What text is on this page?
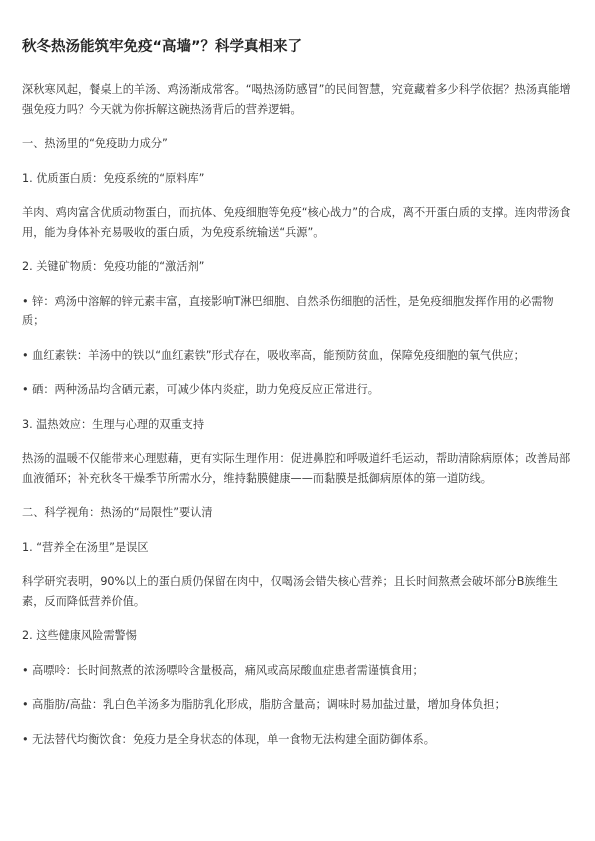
秋冬热汤能筑牢免疫“高墙”？科学真相来了

深秋寒风起，餐桌上的羊汤、鸡汤渐成常客。“喝热汤防感冒”的民间智慧，究竟藏着多少科学依据？热汤真能增强免疫力吗？今天就为你拆解这碗热汤背后的营养逻辑。

一、热汤里的“免疫助力成分”

1. 优质蛋白质：免疫系统的“原料库”

羊肉、鸡肉富含优质动物蛋白，而抗体、免疫细胞等免疫“核心战力”的合成，离不开蛋白质的支撑。连肉带汤食用，能为身体补充易吸收的蛋白质，为免疫系统输送“兵源”。

2. 关键矿物质：免疫功能的“激活剂”

• 锌：鸡汤中溶解的锌元素丰富，直接影响T淋巴细胞、自然杀伤细胞的活性，是免疫细胞发挥作用的必需物质；

• 血红素铁：羊汤中的铁以“血红素铁”形式存在，吸收率高，能预防贫血，保障免疫细胞的氧气供应；

• 硒：两种汤品均含硒元素，可减少体内炎症，助力免疫反应正常进行。

3. 温热效应：生理与心理的双重支持

热汤的温暖不仅能带来心理慰藉，更有实际生理作用：促进鼻腔和呼吸道纤毛运动，帮助清除病原体；改善局部血液循环；补充秋冬干燥季节所需水分，维持黏膜健康——而黏膜是抵御病原体的第一道防线。

二、科学视角：热汤的“局限性”要认清

1. “营养全在汤里”是误区

科学研究表明，90%以上的蛋白质仍保留在肉中，仅喝汤会错失核心营养；且长时间熬煮会破坏部分B族维生素，反而降低营养价值。

2. 这些健康风险需警惕

• 高嘌呤：长时间熬煮的浓汤嘌呤含量极高，痛风或高尿酸血症患者需谨慎食用；

• 高脂肪/高盐：乳白色羊汤多为脂肪乳化形成，脂肪含量高；调味时易加盐过量，增加身体负担；

• 无法替代均衡饮食：免疫力是全身状态的体现，单一食物无法构建全面防御体系。
